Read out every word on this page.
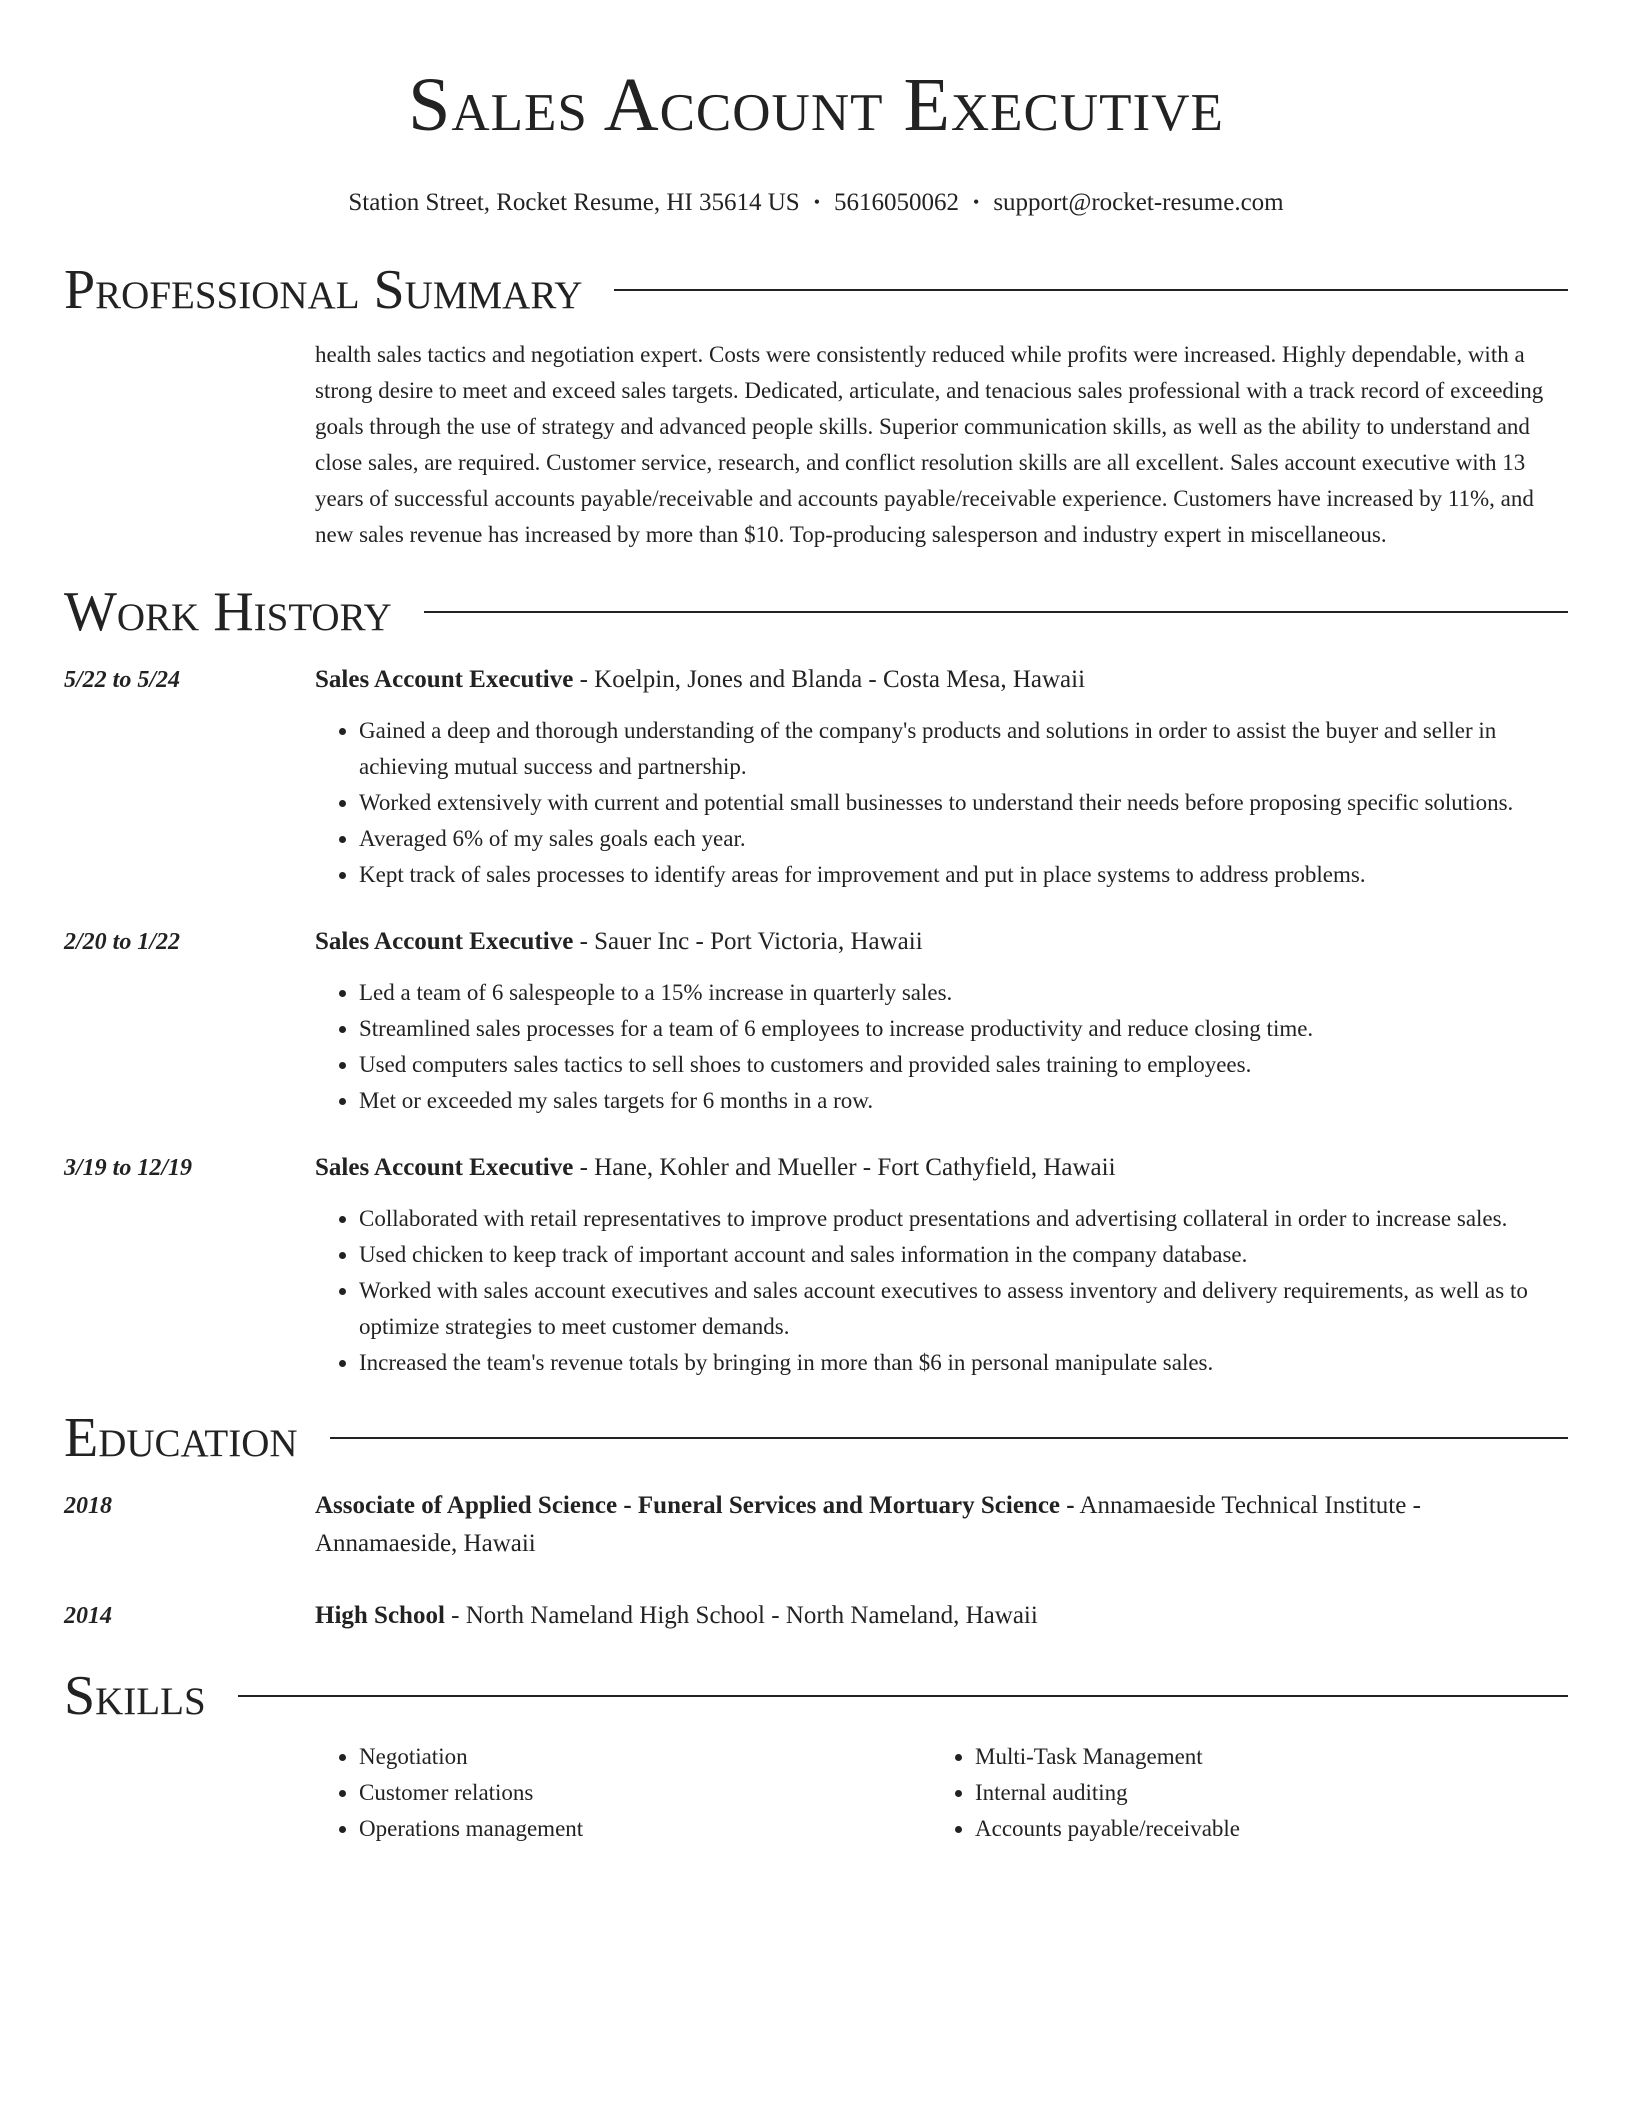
Sales Account Executive
Station Street, Rocket Resume, HI 35614 US • 5616050062 • support@rocket-resume.com
Professional Summary
health sales tactics and negotiation expert. Costs were consistently reduced while profits were increased. Highly dependable, with a strong desire to meet and exceed sales targets. Dedicated, articulate, and tenacious sales professional with a track record of exceeding goals through the use of strategy and advanced people skills. Superior communication skills, as well as the ability to understand and close sales, are required. Customer service, research, and conflict resolution skills are all excellent. Sales account executive with 13 years of successful accounts payable/receivable and accounts payable/receivable experience. Customers have increased by 11%, and new sales revenue has increased by more than $10. Top-producing salesperson and industry expert in miscellaneous.
Work History
5/22 to 5/24	Sales Account Executive - Koelpin, Jones and Blanda - Costa Mesa, Hawaii
• Gained a deep and thorough understanding of the company's products and solutions in order to assist the buyer and seller in achieving mutual success and partnership.
• Worked extensively with current and potential small businesses to understand their needs before proposing specific solutions.
• Averaged 6% of my sales goals each year.
• Kept track of sales processes to identify areas for improvement and put in place systems to address problems.
2/20 to 1/22	Sales Account Executive - Sauer Inc - Port Victoria, Hawaii
• Led a team of 6 salespeople to a 15% increase in quarterly sales.
• Streamlined sales processes for a team of 6 employees to increase productivity and reduce closing time.
• Used computers sales tactics to sell shoes to customers and provided sales training to employees.
• Met or exceeded my sales targets for 6 months in a row.
3/19 to 12/19	Sales Account Executive - Hane, Kohler and Mueller - Fort Cathyfield, Hawaii
• Collaborated with retail representatives to improve product presentations and advertising collateral in order to increase sales.
• Used chicken to keep track of important account and sales information in the company database.
• Worked with sales account executives and sales account executives to assess inventory and delivery requirements, as well as to optimize strategies to meet customer demands.
• Increased the team's revenue totals by bringing in more than $6 in personal manipulate sales.
Education
2018	Associate of Applied Science - Funeral Services and Mortuary Science - Annamaeside Technical Institute - Annamaeside, Hawaii
2014	High School - North Nameland High School - North Nameland, Hawaii
Skills
• Negotiation
• Customer relations
• Operations management
• Multi-Task Management
• Internal auditing
• Accounts payable/receivable
